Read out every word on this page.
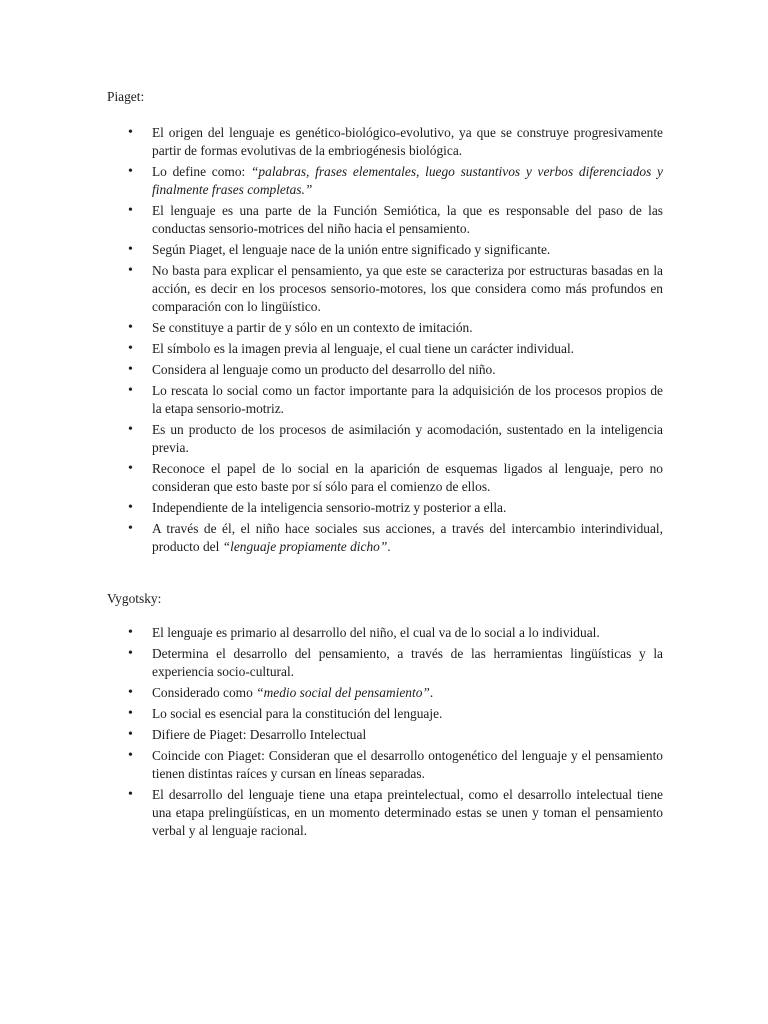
Piaget:
• El origen del lenguaje es genético-biológico-evolutivo, ya que se construye progresivamente partir de formas evolutivas de la embriogénesis biológica.
• Lo define como: “palabras, frases elementales, luego sustantivos y verbos diferenciados y finalmente frases completas.”
• El lenguaje es una parte de la Función Semiótica, la que es responsable del paso de las conductas sensorio-motrices del niño hacia el pensamiento.
• Según Piaget, el lenguaje nace de la unión entre significado y significante.
• No basta para explicar el pensamiento, ya que este se caracteriza por estructuras basadas en la acción, es decir en los procesos sensorio-motores, los que considera como más profundos en comparación con lo lingüístico.
• Se constituye a partir de y sólo en un contexto de imitación.
• El símbolo es la imagen previa al lenguaje, el cual tiene un carácter individual.
• Considera al lenguaje como un producto del desarrollo del niño.
• Lo rescata lo social como un factor importante para la adquisición de los procesos propios de la etapa sensorio-motriz.
• Es un producto de los procesos de asimilación y acomodación, sustentado en la inteligencia previa.
• Reconoce el papel de lo social en la aparición de esquemas ligados al lenguaje, pero no consideran que esto baste por sí sólo para el comienzo de ellos.
• Independiente de la inteligencia sensorio-motriz y posterior a ella.
• A través de él, el niño hace sociales sus acciones, a través del intercambio interindividual, producto del “lenguaje propiamente dicho”.
Vygotsky:
• El lenguaje es primario al desarrollo del niño, el cual va de lo social a lo individual.
• Determina el desarrollo del pensamiento, a través de las herramientas lingüísticas y la experiencia socio-cultural.
• Considerado como “medio social del pensamiento”.
• Lo social es esencial para la constitución del lenguaje.
• Difiere de Piaget: Desarrollo Intelectual
• Coincide con Piaget: Consideran que el desarrollo ontogenético del lenguaje y el pensamiento tienen distintas raíces y cursan en líneas separadas.
• El desarrollo del lenguaje tiene una etapa preintelectual, como el desarrollo intelectual tiene una etapa prelingüísticas, en un momento determinado estas se unen y toman el pensamiento verbal y al lenguaje racional.
